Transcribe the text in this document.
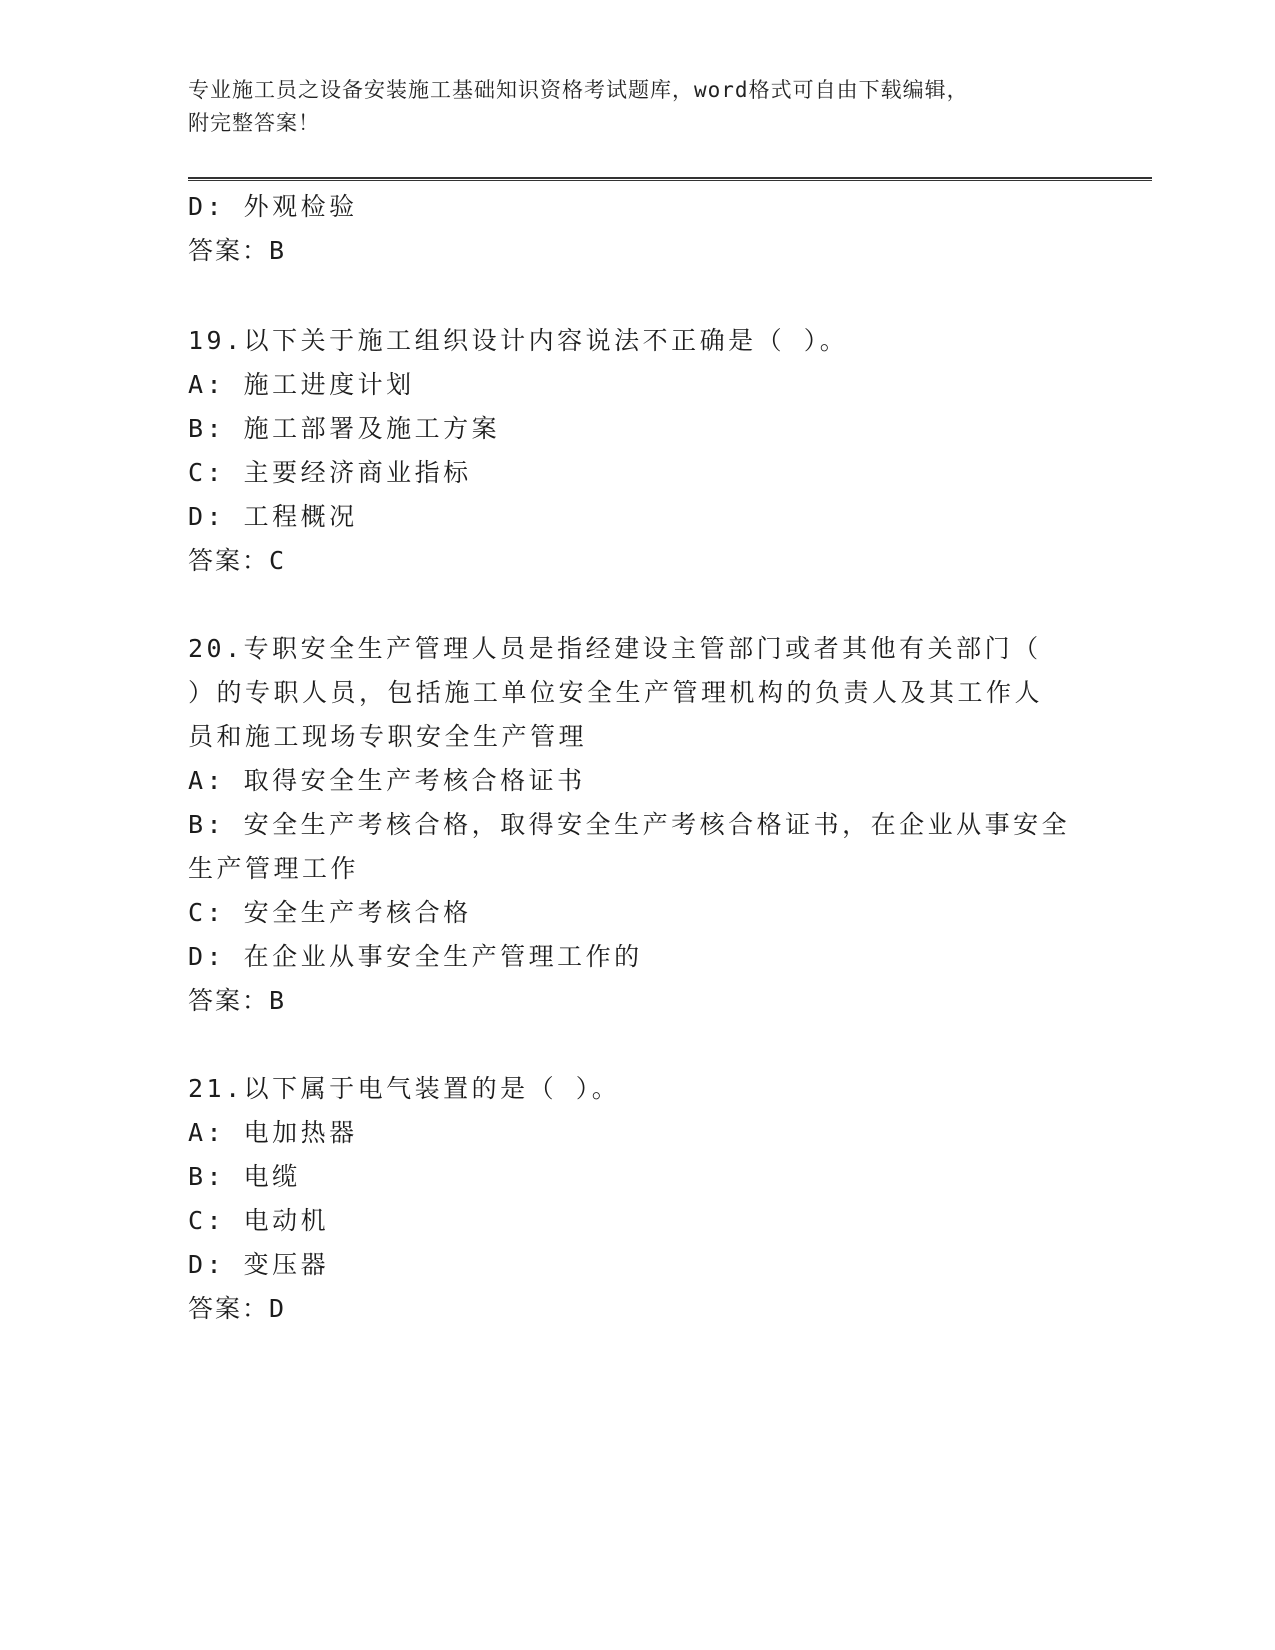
专业施工员之设备安装施工基础知识资格考试题库，word格式可自由下载编辑，
附完整答案！
D: 外观检验
答案：B
19.以下关于施工组织设计内容说法不正确是（ ）。
A: 施工进度计划
B: 施工部署及施工方案
C: 主要经济商业指标
D: 工程概况
答案：C
20.专职安全生产管理人员是指经建设主管部门或者其他有关部门（
）的专职人员，包括施工单位安全生产管理机构的负责人及其工作人
员和施工现场专职安全生产管理
A: 取得安全生产考核合格证书
B: 安全生产考核合格，取得安全生产考核合格证书，在企业从事安全
生产管理工作
C: 安全生产考核合格
D: 在企业从事安全生产管理工作的
答案：B
21.以下属于电气装置的是（ ）。
A: 电加热器
B: 电缆
C: 电动机
D: 变压器
答案：D
